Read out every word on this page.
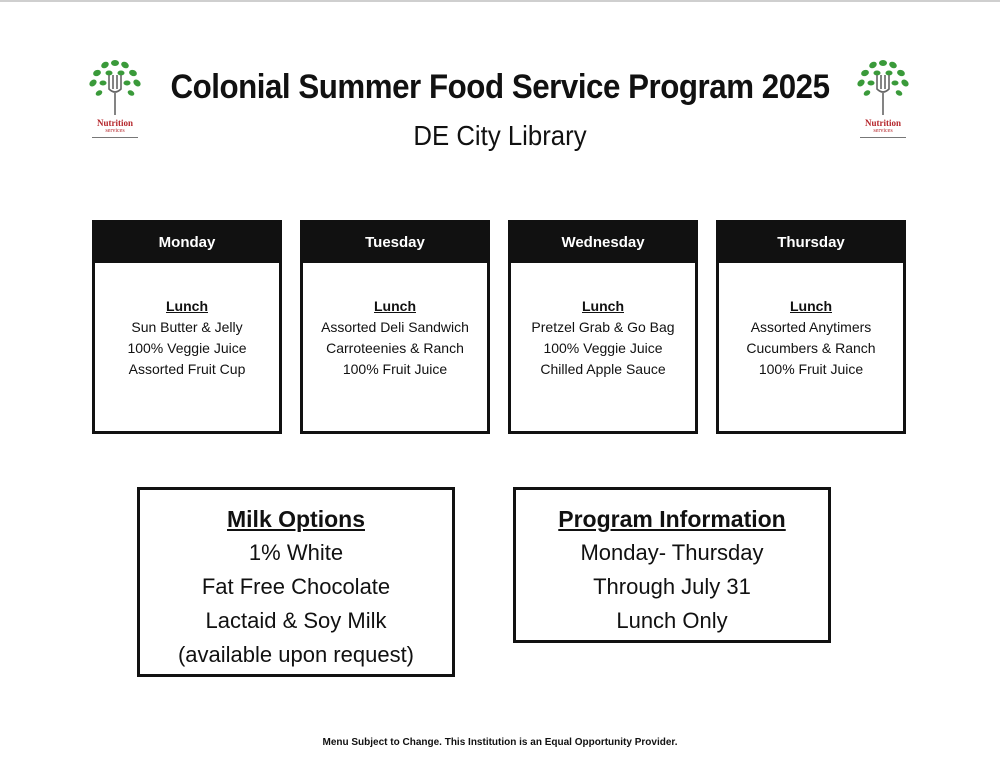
Nutrition
services
Nutrition
services
Colonial Summer Food Service Program 2025
DE City Library
Monday
Lunch
Sun Butter & Jelly
100% Veggie Juice
Assorted Fruit Cup
Tuesday
Lunch
Assorted Deli Sandwich
Carroteenies & Ranch
100% Fruit Juice
Wednesday
Lunch
Pretzel Grab & Go Bag
100% Veggie Juice
Chilled Apple Sauce
Thursday
Lunch
Assorted Anytimers
Cucumbers & Ranch
100% Fruit Juice
Milk Options
1% White
Fat Free Chocolate
Lactaid & Soy Milk
(available upon request)
Program Information
Monday- Thursday
Through July 31
Lunch Only
Menu Subject to Change. This Institution is an Equal Opportunity Provider.
